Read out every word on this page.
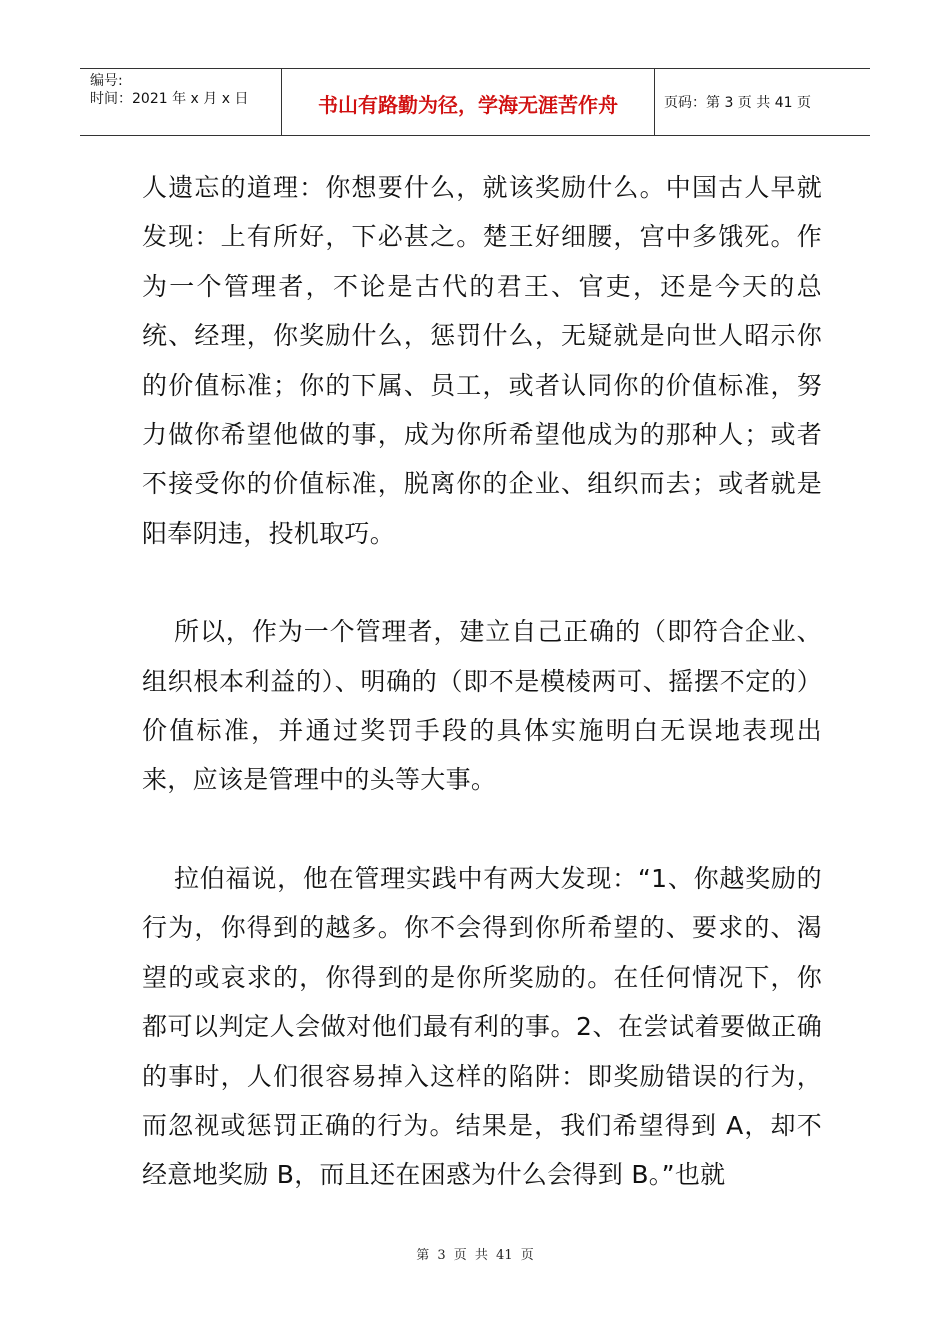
编号:
时间：2021 年 x 月 x 日	书山有路勤为径，学海无涯苦作舟	页码：第 3 页 共 41 页

人遗忘的道理：你想要什么，就该奖励什么。中国古人早就发现：上有所好，下必甚之。楚王好细腰，宫中多饿死。作为一个管理者，不论是古代的君王、官吏，还是今天的总统、经理，你奖励什么，惩罚什么，无疑就是向世人昭示你的价值标准；你的下属、员工，或者认同你的价值标准，努力做你希望他做的事，成为你所希望他成为的那种人；或者不接受你的价值标准，脱离你的企业、组织而去；或者就是阳奉阴违，投机取巧。

所以，作为一个管理者，建立自己正确的（即符合企业、组织根本利益的）、明确的（即不是模棱两可、摇摆不定的）价值标准，并通过奖罚手段的具体实施明白无误地表现出来，应该是管理中的头等大事。

拉伯福说，他在管理实践中有两大发现：“1、你越奖励的行为，你得到的越多。你不会得到你所希望的、要求的、渴望的或哀求的，你得到的是你所奖励的。在任何情况下，你都可以判定人会做对他们最有利的事。2、在尝试着要做正确的事时，人们很容易掉入这样的陷阱：即奖励错误的行为，而忽视或惩罚正确的行为。结果是，我们希望得到 A，却不经意地奖励 B，而且还在困惑为什么会得到 B。”也就

第 3 页 共 41 页
